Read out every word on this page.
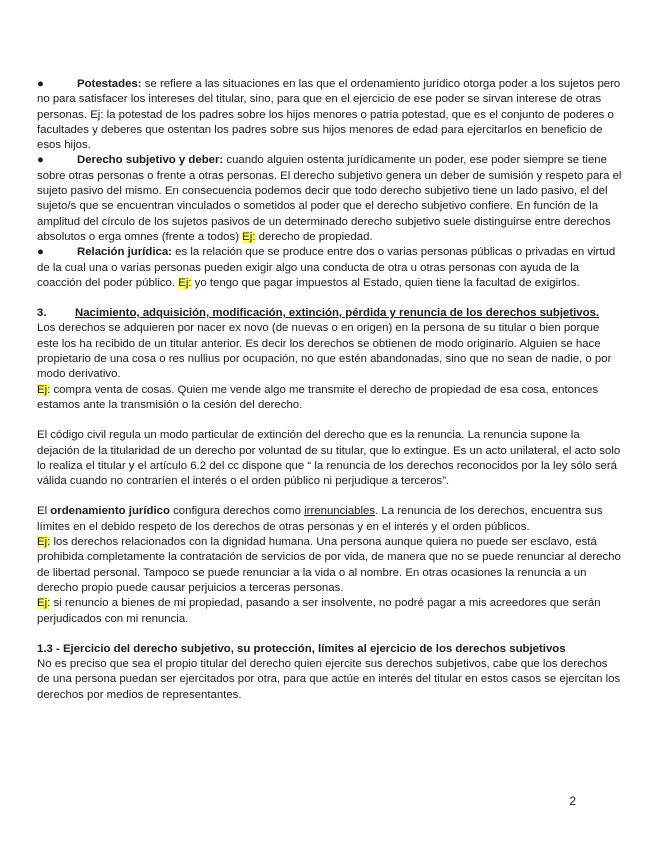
●	Potestades: se refiere a las situaciones en las que el ordenamiento jurídico otorga poder a los sujetos pero no para satisfacer los intereses del titular, sino, para que en el ejercicio de ese poder se sirvan interese de otras personas. Ej: la potestad de los padres sobre los hijos menores o patria potestad, que es el conjunto de poderes o facultades y deberes que ostentan los padres sobre sus hijos menores de edad para ejercitarlos en beneficio de esos hijos.

●	Derecho subjetivo y deber: cuando alguien ostenta jurídicamente un poder, ese poder siempre se tiene sobre otras personas o frente a otras personas. El derecho subjetivo genera un deber de sumisión y respeto para el sujeto pasivo del mismo. En consecuencia podemos decir que todo derecho subjetivo tiene un lado pasivo, el del sujeto/s que se encuentran vinculados o sometidos al poder que el derecho subjetivo confiere. En función de la amplitud del círculo de los sujetos pasivos de un determinado derecho subjetivo suele distinguirse entre derechos absolutos o erga omnes (frente a todos) Ej: derecho de propiedad.

●	Relación jurídica: es la relación que se produce entre dos o varias personas públicas o privadas en virtud de la cual una o varias personas pueden exigir algo una conducta de otra u otras personas con ayuda de la coacción del poder público. Ej: yo tengo que pagar impuestos al Estado, quien tiene la facultad de exigirlos.

3.	Nacimiento, adquisición, modificación, extinción, pérdida y renuncia de los derechos subjetivos.

Los derechos se adquieren por nacer ex novo (de nuevas o en origen) en la persona de su titular o bien porque este los ha recibido de un titular anterior. Es decir los derechos se obtienen de modo originario. Alguien se hace propietario de una cosa o res nullius por ocupación, no que estén abandonadas, sino que no sean de nadie, o por modo derivativo.

Ej: compra venta de cosas. Quien me vende algo me transmite el derecho de propiedad de esa cosa, entonces estamos ante la transmisión o la cesión del derecho.

El código civil regula un modo particular de extinción del derecho que es la renuncia. La renuncia supone la dejación de la titularidad de un derecho por voluntad de su titular, que lo extingue. Es un acto unilateral, el acto solo lo realiza el titular y el artículo 6.2 del cc dispone que “ la renuncia de los derechos reconocidos por la ley sólo será válida cuando no contraríen el interés o el orden público ni perjudique a terceros”.

El ordenamiento jurídico configura derechos como irrenunciables. La renuncia de los derechos, encuentra sus límites en el debido respeto de los derechos de otras personas y en el interés y el orden públicos.

Ej: los derechos relacionados con la dignidad humana. Una persona aunque quiera no puede ser esclavo, está prohibida completamente la contratación de servicios de por vida, de manera que no se puede renunciar al derecho de libertad personal. Tampoco se puede renunciar a la vida o al nombre. En otras ocasiones la renuncia a un derecho propio puede causar perjuicios a terceras personas.

Ej: si renuncio a bienes de mi propiedad, pasando a ser insolvente, no podré pagar a mis acreedores que serán perjudicados con mi renuncia.

1.3 - Ejercicio del derecho subjetivo, su protección, límites al ejercicio de los derechos subjetivos

No es preciso que sea el propio titular del derecho quien ejercite sus derechos subjetivos, cabe que los derechos de una persona puedan ser ejercitados por otra, para que actúe en interés del titular en estos casos se ejercitan los derechos por medios de representantes.

2
